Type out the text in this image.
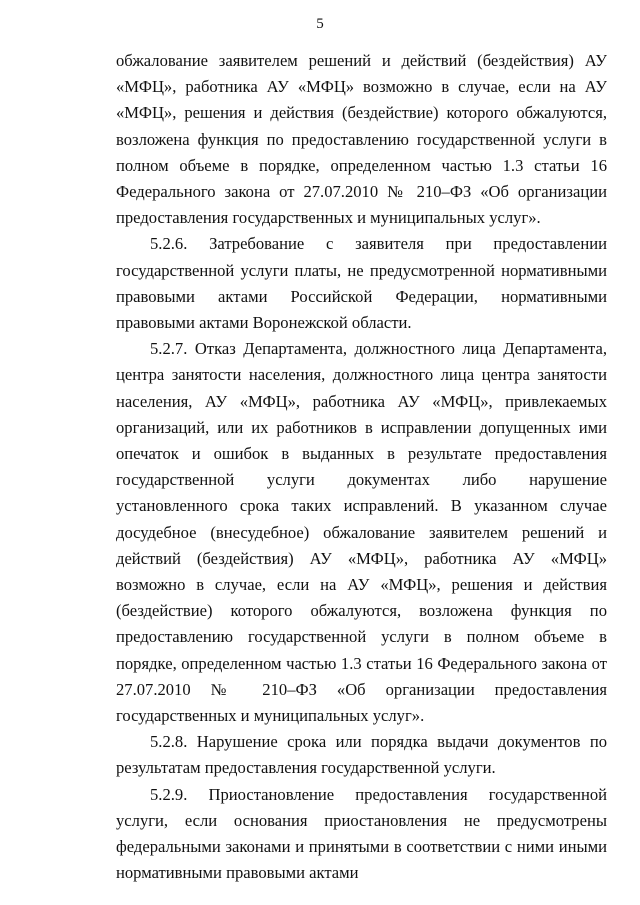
5

обжалование заявителем решений и действий (бездействия) АУ «МФЦ», работника АУ «МФЦ» возможно в случае, если на АУ «МФЦ», решения и действия (бездействие) которого обжалуются, возложена функция по предоставлению государственной услуги в полном объеме в порядке, определенном частью 1.3 статьи 16 Федерального закона от 27.07.2010 № 210–ФЗ «Об организации предоставления государственных и муниципальных услуг».

5.2.6. Затребование с заявителя при предоставлении государственной услуги платы, не предусмотренной нормативными правовыми актами Российской Федерации, нормативными правовыми актами Воронежской области.

5.2.7. Отказ Департамента, должностного лица Департамента, центра занятости населения, должностного лица центра занятости населения, АУ «МФЦ», работника АУ «МФЦ», привлекаемых организаций, или их работников в исправлении допущенных ими опечаток и ошибок в выданных в результате предоставления государственной услуги документах либо нарушение установленного срока таких исправлений. В указанном случае досудебное (внесудебное) обжалование заявителем решений и действий (бездействия) АУ «МФЦ», работника АУ «МФЦ» возможно в случае, если на АУ «МФЦ», решения и действия (бездействие) которого обжалуются, возложена функция по предоставлению государственной услуги в полном объеме в порядке, определенном частью 1.3 статьи 16 Федерального закона от 27.07.2010 № 210–ФЗ «Об организации предоставления государственных и муниципальных услуг».

5.2.8. Нарушение срока или порядка выдачи документов по результатам предоставления государственной услуги.

5.2.9. Приостановление предоставления государственной услуги, если основания приостановления не предусмотрены федеральными законами и принятыми в соответствии с ними иными нормативными правовыми актами
